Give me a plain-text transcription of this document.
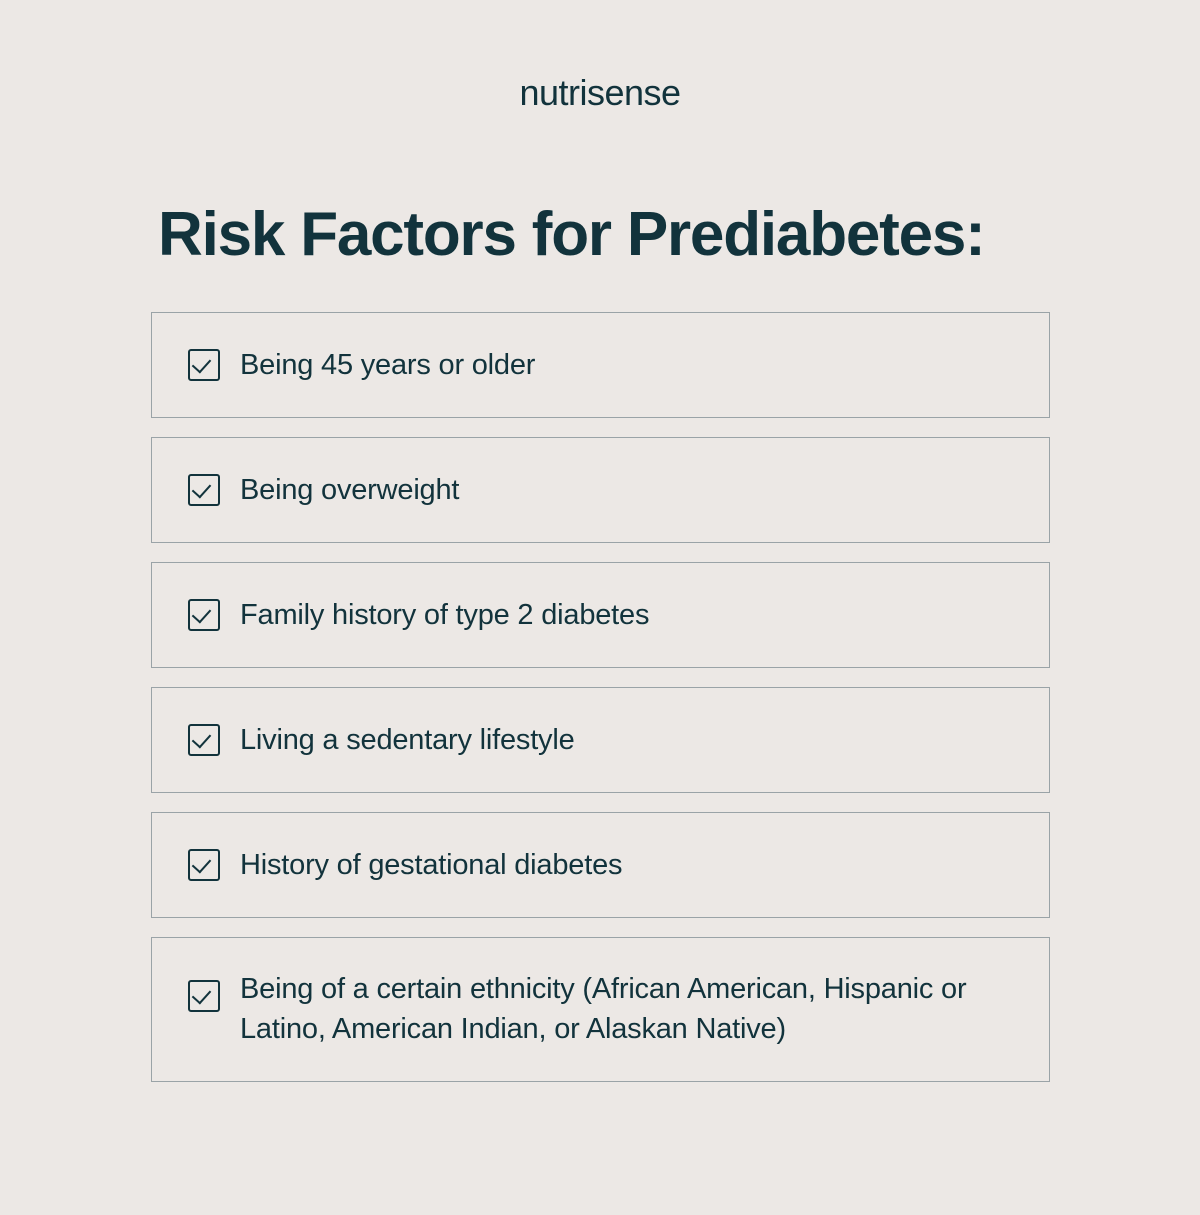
nutrisense
Risk Factors for Prediabetes:
Being 45 years or older
Being overweight
Family history of type 2 diabetes
Living a sedentary lifestyle
History of gestational diabetes
Being of a certain ethnicity (African American, Hispanic or Latino, American Indian, or Alaskan Native)
